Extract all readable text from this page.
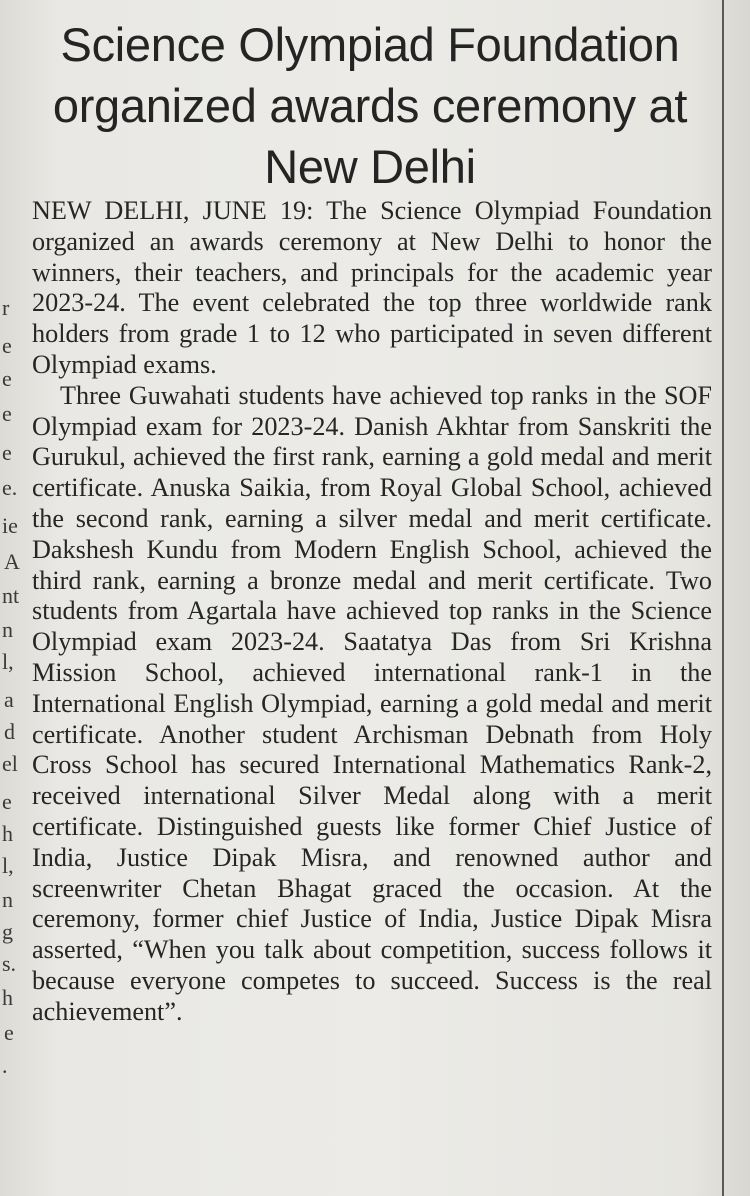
r
e
e
e
e
e.
ie
A
nt
n
l,
a
d
el
e
h
l,
n
g
s.
h
e
.
Science Olympiad Foundation organized awards ceremony at New Delhi

NEW DELHI, JUNE 19: The Science Olympiad Foundation organized an awards ceremony at New Delhi to honor the winners, their teachers, and principals for the academic year 2023-24. The event celebrated the top three worldwide rank holders from grade 1 to 12 who participated in seven different Olympiad exams.

Three Guwahati students have achieved top ranks in the SOF Olympiad exam for 2023-24. Danish Akhtar from Sanskriti the Gurukul, achieved the first rank, earning a gold medal and merit certificate. Anuska Saikia, from Royal Global School, achieved the second rank, earning a silver medal and merit certificate. Dakshesh Kundu from Modern English School, achieved the third rank, earning a bronze medal and merit certificate. Two students from Agartala have achieved top ranks in the Science Olympiad exam 2023-24. Saatatya Das from Sri Krishna Mission School, achieved international rank-1 in the International English Olympiad, earning a gold medal and merit certificate. Another student Archisman Debnath from Holy Cross School has secured International Mathematics Rank-2, received international Silver Medal along with a merit certificate. Distinguished guests like former Chief Justice of India, Justice Dipak Misra, and renowned author and screenwriter Chetan Bhagat graced the occasion. At the ceremony, former chief Justice of India, Justice Dipak Misra asserted, “When you talk about competition, success follows it because everyone competes to succeed. Success is the real achievement”.
